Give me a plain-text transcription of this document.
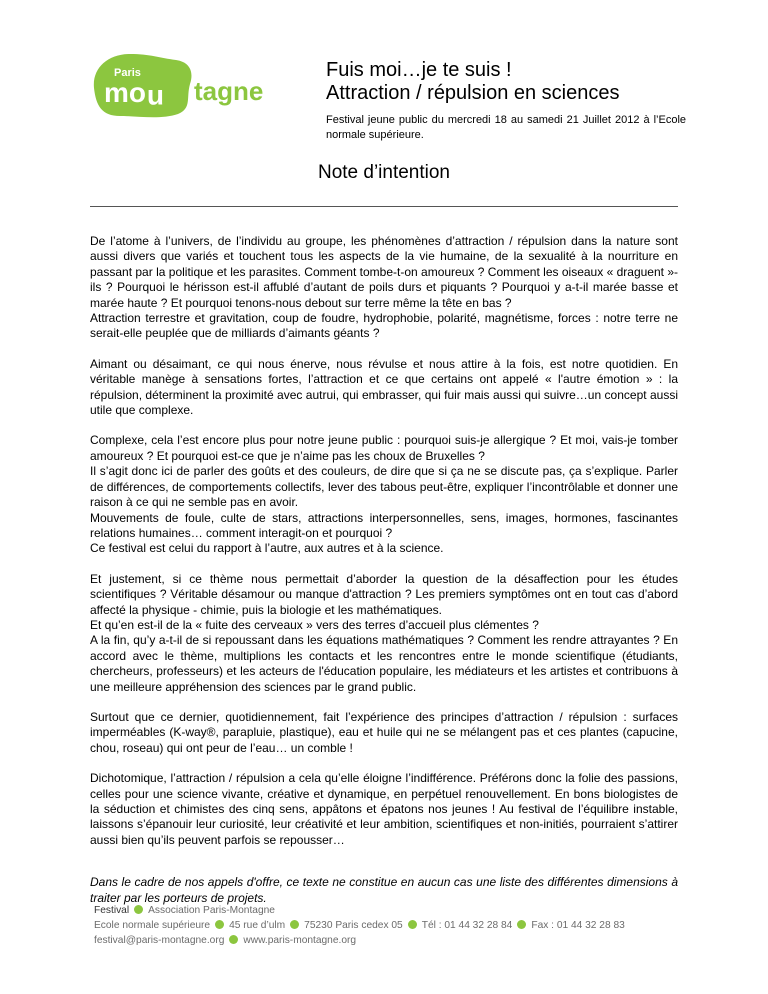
Paris
mo n tagne

Fuis moi…je te suis !

Attraction / répulsion en sciences

Festival jeune public du mercredi 18 au samedi 21 Juillet 2012 à l’Ecole normale supérieure.
Note d’intention

De l’atome à l’univers, de l’individu au groupe, les phénomènes d’attraction / répulsion dans la nature sont aussi divers que variés et touchent tous les aspects de la vie humaine, de la sexualité à la nourriture en passant par la politique et les parasites. Comment tombe-t-on amoureux ? Comment les oiseaux « draguent »-ils ? Pourquoi le hérisson est-il affublé d’autant de poils durs et piquants ? Pourquoi y a-t-il marée basse et marée haute ? Et pourquoi tenons-nous debout sur terre même la tête en bas ?
Attraction terrestre et gravitation, coup de foudre, hydrophobie, polarité, magnétisme, forces : notre terre ne serait-elle peuplée que de milliards d’aimants géants ?

Aimant ou désaimant, ce qui nous énerve, nous révulse et nous attire à la fois, est notre quotidien. En véritable manège à sensations fortes, l’attraction et ce que certains ont appelé « l'autre émotion » : la répulsion, déterminent la proximité avec autrui, qui embrasser, qui fuir mais aussi qui suivre…un concept aussi utile que complexe.

Complexe, cela l’est encore plus pour notre jeune public : pourquoi suis-je allergique ? Et moi, vais-je tomber amoureux ? Et pourquoi est-ce que je n’aime pas les choux de Bruxelles ?
Il s’agit donc ici de parler des goûts et des couleurs, de dire que si ça ne se discute pas, ça s’explique. Parler de différences, de comportements collectifs, lever des tabous peut-être, expliquer l’incontrôlable et donner une raison à ce qui ne semble pas en avoir.
Mouvements de foule, culte de stars, attractions interpersonnelles, sens, images, hormones, fascinantes relations humaines… comment interagit-on et pourquoi ?
Ce festival est celui du rapport à l’autre, aux autres et à la science.

Et justement, si ce thème nous permettait d’aborder la question de la désaffection pour les études scientifiques ? Véritable désamour ou manque d'attraction ? Les premiers symptômes ont en tout cas d’abord affecté la physique - chimie, puis la biologie et les mathématiques.
Et qu’en est-il de la « fuite des cerveaux » vers des terres d’accueil plus clémentes ?
A la fin, qu’y a-t-il de si repoussant dans les équations mathématiques ? Comment les rendre attrayantes ? En accord avec le thème, multiplions les contacts et les rencontres entre le monde scientifique (étudiants, chercheurs, professeurs) et les acteurs de l'éducation populaire, les médiateurs et les artistes et contribuons à une meilleure appréhension des sciences par le grand public.

Surtout que ce dernier, quotidiennement, fait l’expérience des principes d’attraction / répulsion : surfaces imperméables (K-way®, parapluie, plastique), eau et huile qui ne se mélangent pas et ces plantes (capucine, chou, roseau) qui ont peur de l’eau… un comble !

Dichotomique, l’attraction / répulsion a cela qu’elle éloigne l’indifférence. Préférons donc la folie des passions, celles pour une science vivante, créative et dynamique, en perpétuel renouvellement. En bons biologistes de la séduction et chimistes des cinq sens, appâtons et épatons nos jeunes ! Au festival de l’équilibre instable, laissons s’épanouir leur curiosité, leur créativité et leur ambition, scientifiques et non-initiés, pourraient s’attirer aussi bien qu’ils peuvent parfois se repousser…

Dans le cadre de nos appels d'offre, ce texte ne constitue en aucun cas une liste des différentes dimensions à traiter par les porteurs de projets.

Festival Association Paris-Montagne
Ecole normale supérieure 45 rue d’ulm 75230 Paris cedex 05 Tél : 01 44 32 28 84 Fax : 01 44 32 28 83
festival@paris-montagne.org www.paris-montagne.org
